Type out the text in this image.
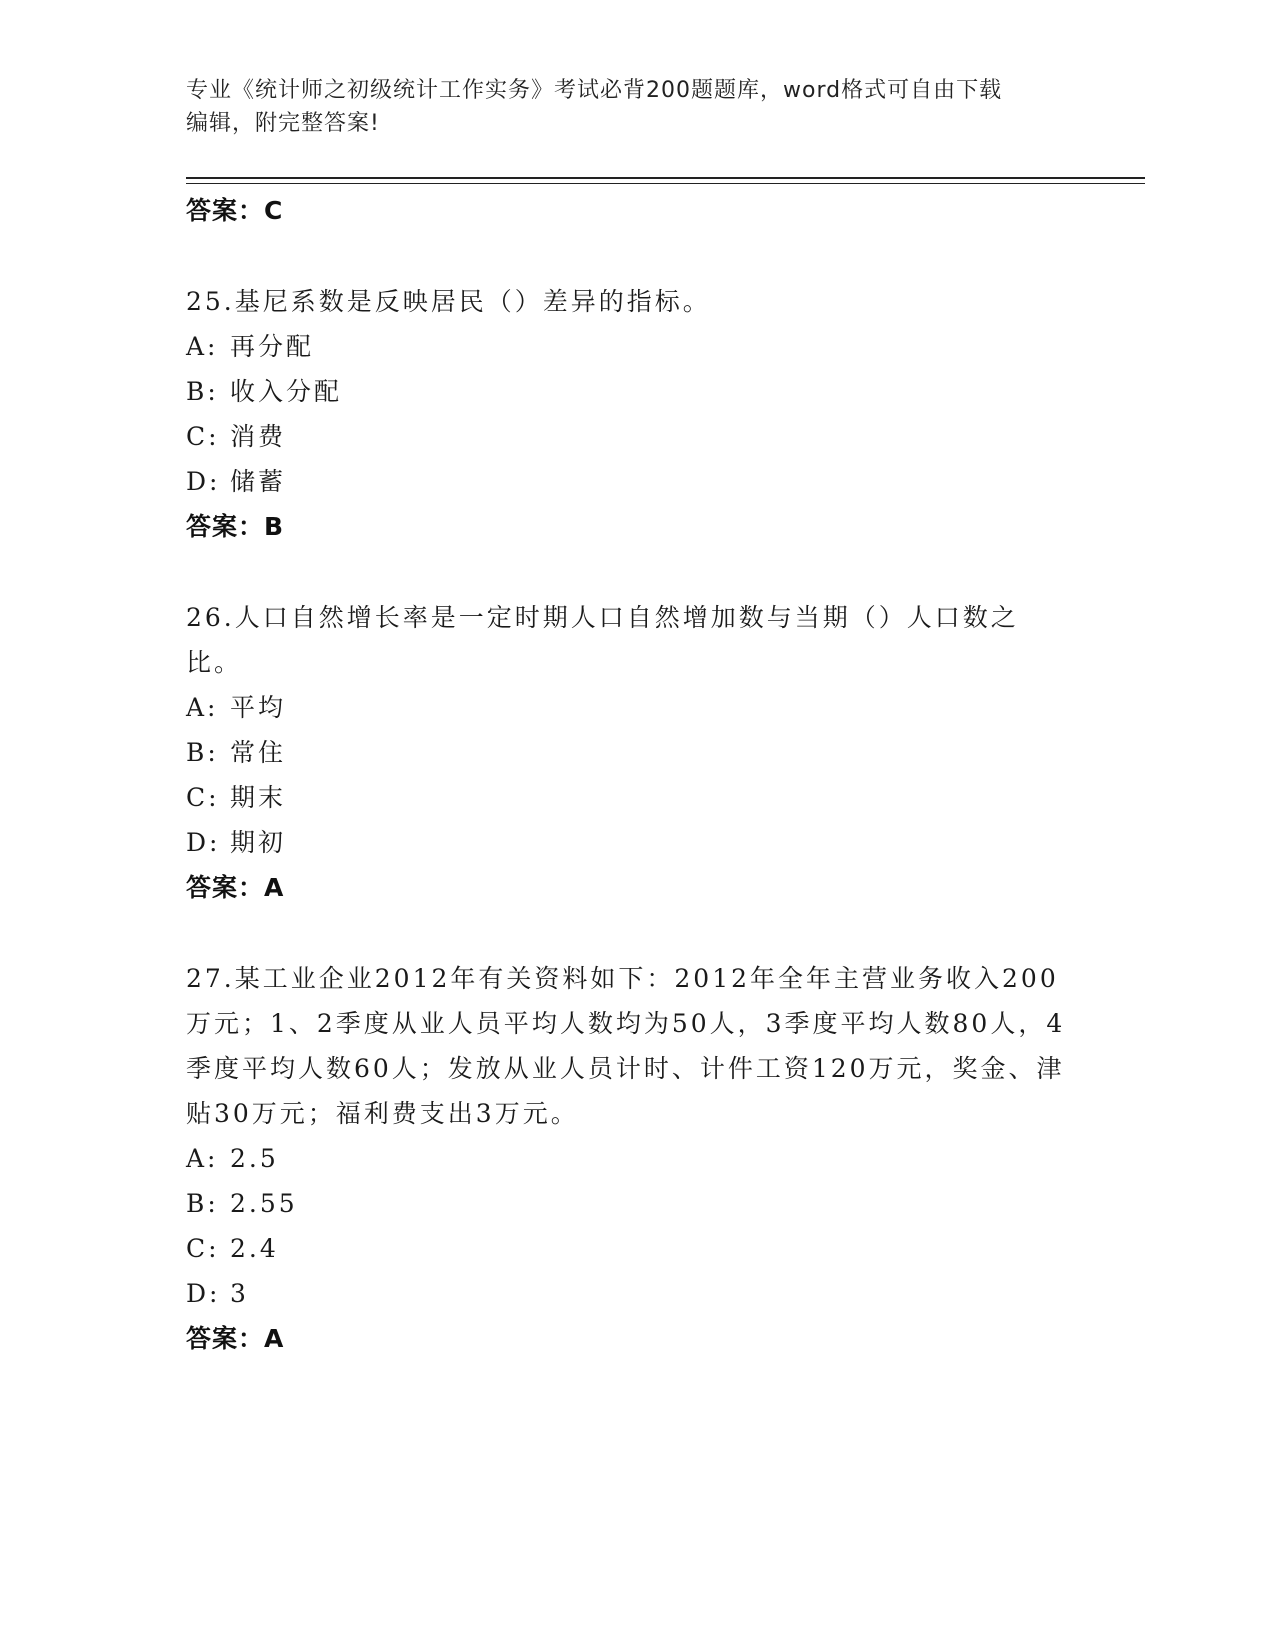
专业《统计师之初级统计工作实务》考试必背200题题库，word格式可自由下载
编辑，附完整答案!
答案：C
25.基尼系数是反映居民（）差异的指标。
A: 再分配
B: 收入分配
C: 消费
D: 储蓄
答案：B
26.人口自然增长率是一定时期人口自然增加数与当期（）人口数之比。
A: 平均
B: 常住
C: 期末
D: 期初
答案：A
27.某工业企业2012年有关资料如下：2012年全年主营业务收入200万元；1、2季度从业人员平均人数均为50人，3季度平均人数80人，4季度平均人数60人；发放从业人员计时、计件工资120万元，奖金、津贴30万元；福利费支出3万元。
A: 2.5
B: 2.55
C: 2.4
D: 3
答案：A
